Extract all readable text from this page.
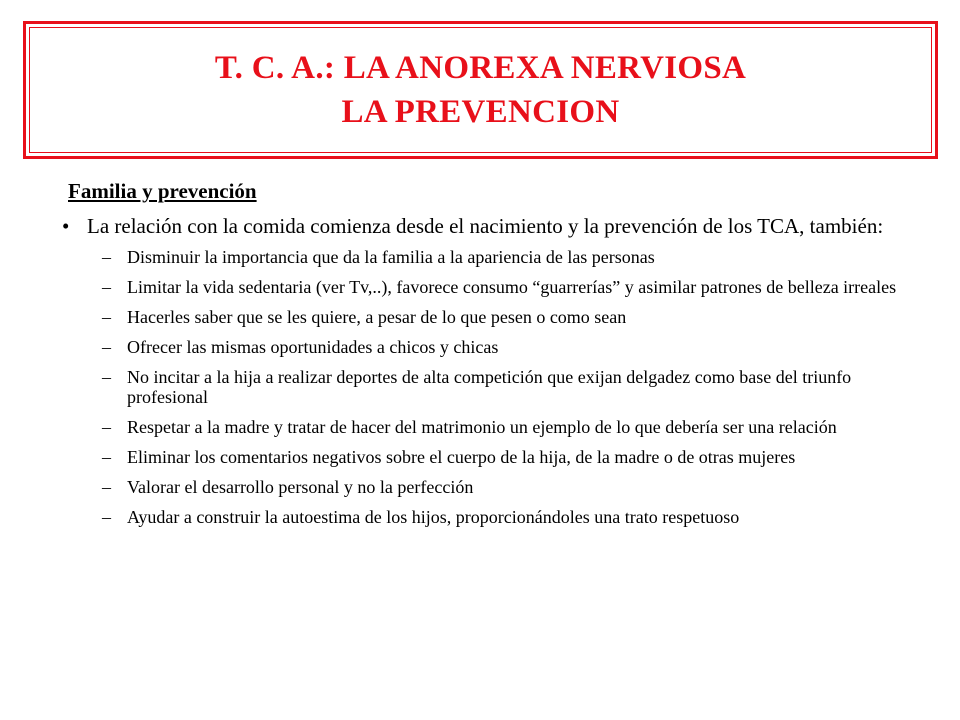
T. C. A.: LA ANOREXA NERVIOSA
LA PREVENCION
Familia y prevención
• La relación con la comida comienza desde el nacimiento y la prevención de los TCA, también:
– Disminuir la importancia que da la familia a la apariencia de las personas
– Limitar la vida sedentaria (ver Tv,..), favorece consumo “guarrerías” y asimilar patrones de belleza irreales
– Hacerles saber que se les quiere, a pesar de lo que pesen o como sean
– Ofrecer las mismas oportunidades a chicos y chicas
– No incitar a la hija a realizar deportes de alta competición que exijan delgadez como base del triunfo profesional
– Respetar a la madre y tratar de hacer del matrimonio un ejemplo de lo que debería ser una relación
– Eliminar los comentarios negativos sobre el cuerpo de la hija, de la madre o de otras mujeres
– Valorar el desarrollo personal y no la perfección
– Ayudar a construir la autoestima de los hijos, proporcionándoles una trato respetuoso
